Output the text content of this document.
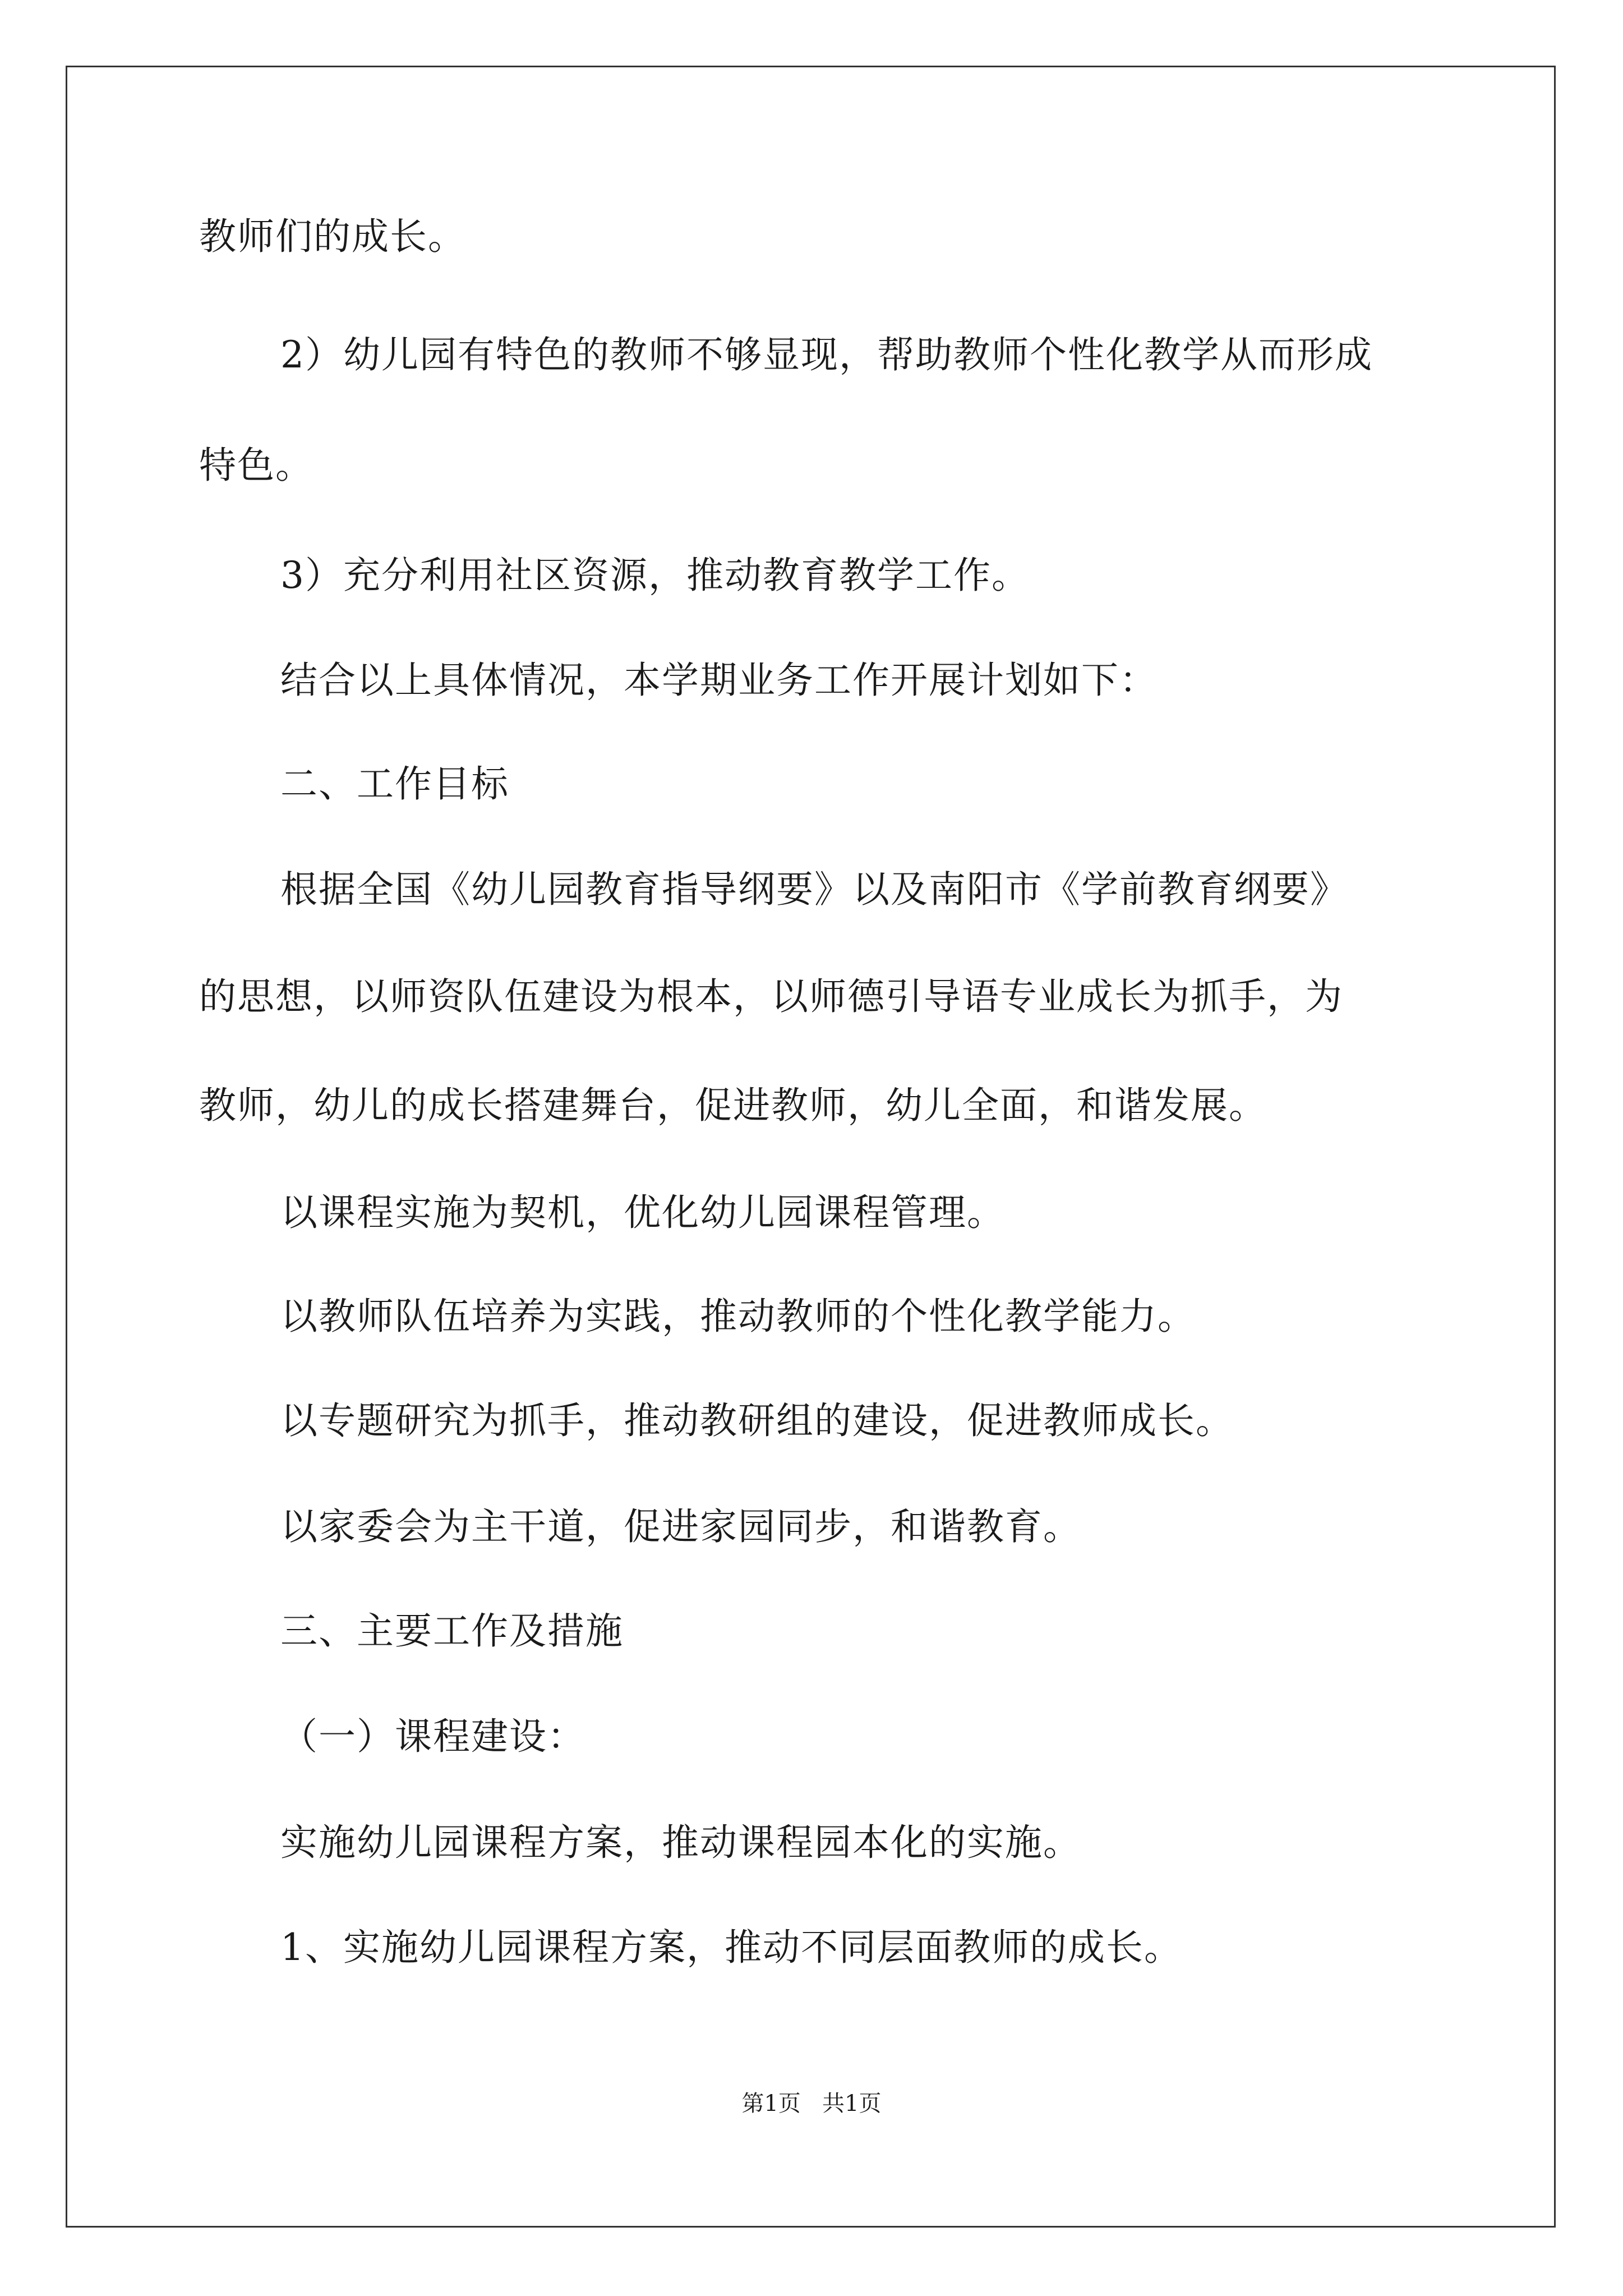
教师们的成长。

2）幼儿园有特色的教师不够显现，帮助教师个性化教学从而形成

特色。

3）充分利用社区资源，推动教育教学工作。

结合以上具体情况，本学期业务工作开展计划如下：

二、工作目标

根据全国《幼儿园教育指导纲要》以及南阳市《学前教育纲要》

的思想，以师资队伍建设为根本，以师德引导语专业成长为抓手，为

教师，幼儿的成长搭建舞台，促进教师，幼儿全面，和谐发展。

以课程实施为契机，优化幼儿园课程管理。

以教师队伍培养为实践，推动教师的个性化教学能力。

以专题研究为抓手，推动教研组的建设，促进教师成长。

以家委会为主干道，促进家园同步，和谐教育。

三、主要工作及措施

（一）课程建设：

实施幼儿园课程方案，推动课程园本化的实施。

1、实施幼儿园课程方案，推动不同层面教师的成长。

第1页   共1页
